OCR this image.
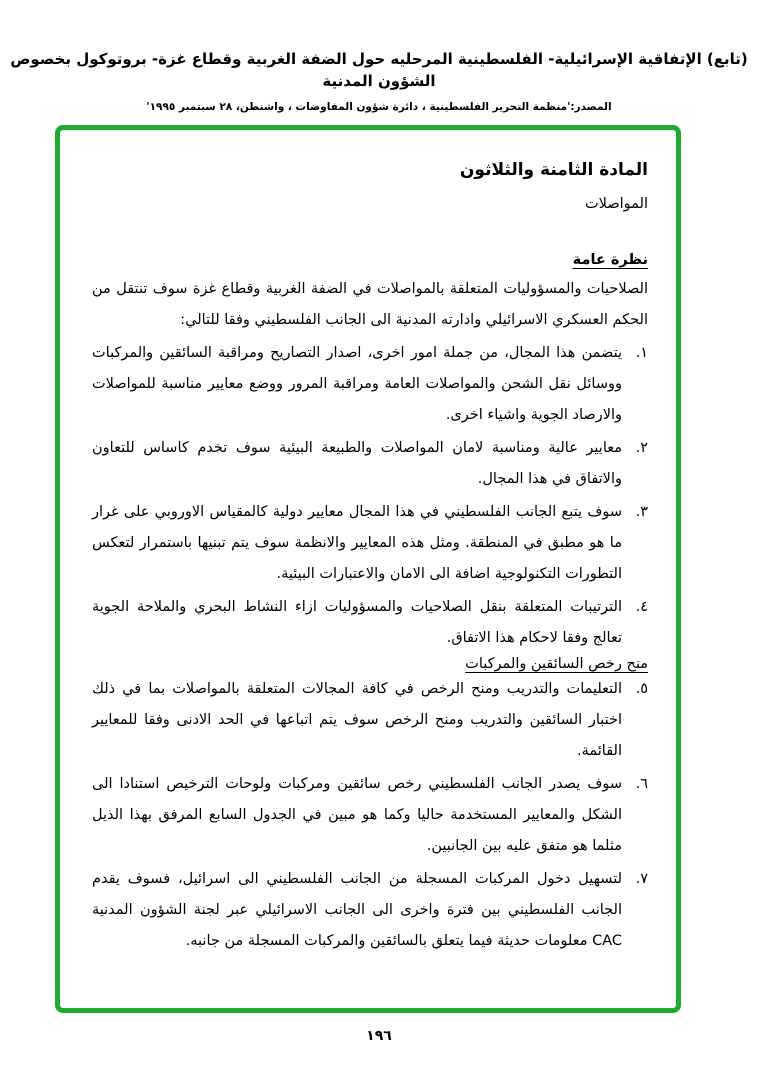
(تابع) الإتفاقية الإسرائيلية- الفلسطينية المرحليه حول الضفة الغربية وقطاع غزة- بروتوكول بخصوص الشؤون المدنية
المصدر:'منظمة التحرير الفلسطينية ، دائرة شؤون المفاوضات ، واشنطن، ٢٨ سبتمبر ١٩٩٥'
المادة الثامنة والثلاثون
المواصلات
نظرة عامة
الصلاحيات والمسؤوليات المتعلقة بالمواصلات في الضفة الغربية وقطاع غزة سوف تنتقل من الحكم العسكري الاسرائيلي وادارته المدنية الى الجانب الفلسطيني وفقا للتالي:
١.
يتضمن هذا المجال، من جملة امور اخرى، اصدار التصاريح ومراقبة السائقين والمركبات ووسائل نقل الشحن والمواصلات العامة ومراقبة المرور ووضع معايير مناسبة للمواصلات والارصاد الجوية واشياء اخرى.
٢.
معايير عالية ومناسبة لامان المواصلات والطبيعة البيئية سوف تخدم كاساس للتعاون والاتفاق في هذا المجال.
٣.
سوف يتبع الجانب الفلسطيني في هذا المجال معايير دولية كالمقياس الاوروبي على غرار ما هو مطبق في المنطقة. ومثل هذه المعايير والانظمة سوف يتم تبنيها باستمرار لتعكس التطورات التكنولوجية اضافة الى الامان والاعتبارات البيئية.
٤.
الترتيبات المتعلقة بنقل الصلاحيات والمسؤوليات ازاء النشاط البحري والملاحة الجوية تعالج وفقا لاحكام هذا الاتفاق.
منح رخص السائقين والمركبات
٥.
التعليمات والتدريب ومنح الرخص في كافة المجالات المتعلقة بالمواصلات بما في ذلك اختبار السائقين والتدريب ومنح الرخص سوف يتم اتباعها في الحد الادنى وفقا للمعايير القائمة.
٦.
سوف يصدر الجانب الفلسطيني رخص سائقين ومركبات ولوحات الترخيص استنادا الى الشكل والمعايير المستخدمة حاليا وكما هو مبين في الجدول السابع المرفق بهذا الذيل مثلما هو متفق عليه بين الجانبين.
٧.
لتسهيل دخول المركبات المسجلة من الجانب الفلسطيني الى اسرائيل، فسوف يقدم الجانب الفلسطيني بين فترة واخرى الى الجانب الاسرائيلي عبر لجنة الشؤون المدنية CAC معلومات حديثة فيما يتعلق بالسائقين والمركبات المسجلة من جانبه.
١٩٦
